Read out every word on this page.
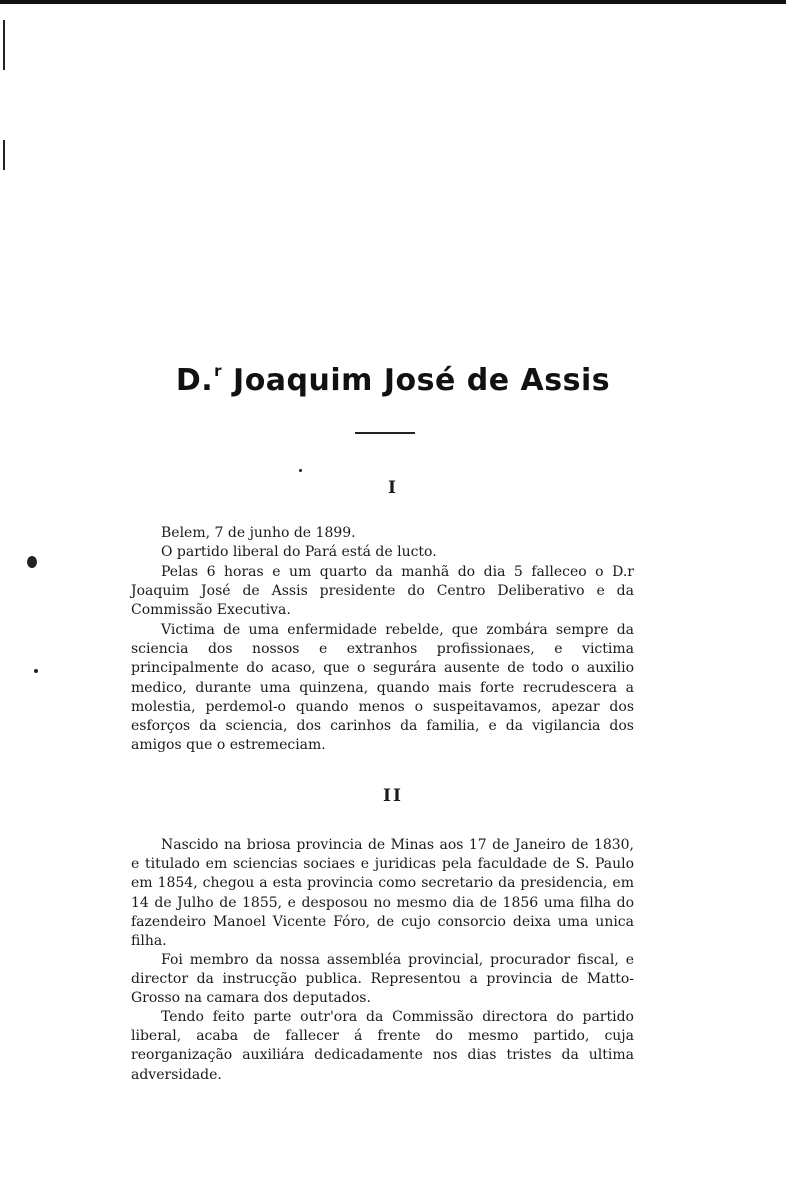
D.$^r$ Joaquim José de Assis
I

Belem, 7 de junho de 1899.

O partido liberal do Pará está de lucto.

Pelas 6 horas e um quarto da manhã do dia 5 falleceo o D.r Joaquim José de Assis presidente do Centro Deliberativo e da Commissão Executiva.

Victima de uma enfermidade rebelde, que zombára sempre da sciencia dos nossos e extranhos profissionaes, e victima principalmente do acaso, que o segurára ausente de todo o auxilio medico, durante uma quinzena, quando mais forte recrudescera a molestia, perdemol-o quando menos o suspeitavamos, apezar dos esforços da sciencia, dos carinhos da familia, e da vigilancia dos amigos que o estremeciam.

II

Nascido na briosa provincia de Minas aos 17 de Janeiro de 1830, e titulado em sciencias sociaes e juridicas pela faculdade de S. Paulo em 1854, chegou a esta provincia como secretario da presidencia, em 14 de Julho de 1855, e desposou no mesmo dia de 1856 uma filha do fazendeiro Manoel Vicente Fóro, de cujo consorcio deixa uma unica filha.

Foi membro da nossa assembléa provincial, procurador fiscal, e director da instrucção publica. Representou a provincia de Matto-Grosso na camara dos deputados.

Tendo feito parte outr'ora da Commissão directora do partido liberal, acaba de fallecer á frente do mesmo partido, cuja reorganização auxiliára dedicadamente nos dias tristes da ultima adversidade.
